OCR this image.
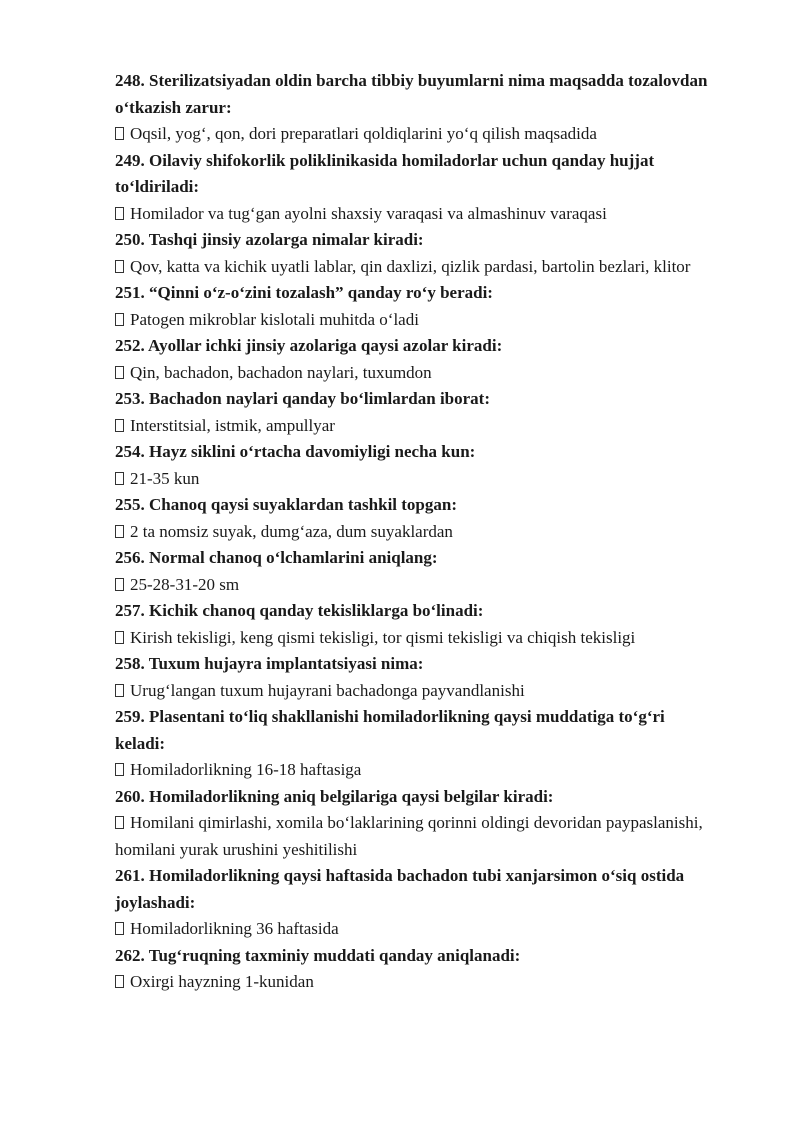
248. Sterilizatsiyadan oldin barcha tibbiy buyumlarni nima maqsadda tozalovdan o‘tkazish zarur:

Oqsil, yog‘, qon, dori preparatlari qoldiqlarini yo‘q qilish maqsadida

249. Oilaviy shifokorlik poliklinikasida homiladorlar uchun qanday hujjat to‘ldiriladi:

Homilador va tug‘gan ayolni shaxsiy varaqasi va almashinuv varaqasi

250. Tashqi jinsiy azolarga nimalar kiradi:

Qov, katta va kichik uyatli lablar, qin daxlizi, qizlik pardasi, bartolin bezlari, klitor

251. “Qinni o‘z-o‘zini tozalash” qanday ro‘y beradi:

Patogen mikroblar kislotali muhitda o‘ladi

252. Ayollar ichki jinsiy azolariga qaysi azolar kiradi:

Qin, bachadon, bachadon naylari, tuxumdon

253. Bachadon naylari qanday bo‘limlardan iborat:

Interstitsial, istmik, ampullyar

254. Hayz siklini o‘rtacha davomiyligi necha kun:

21-35 kun

255. Chanoq qaysi suyaklardan tashkil topgan:

2 ta nomsiz suyak, dumg‘aza, dum suyaklardan

256. Normal chanoq o‘lchamlarini aniqlang:

25-28-31-20 sm

257. Kichik chanoq qanday tekisliklarga bo‘linadi:

Kirish tekisligi, keng qismi tekisligi, tor qismi tekisligi va chiqish tekisligi

258. Tuxum hujayra implantatsiyasi nima:

Urug‘langan tuxum hujayrani bachadonga payvandlanishi

259. Plasentani to‘liq shakllanishi homiladorlikning qaysi muddatiga to‘g‘ri keladi:

Homiladorlikning 16-18 haftasiga

260. Homiladorlikning aniq belgilariga qaysi belgilar kiradi:

Homilani qimirlashi, xomila bo‘laklarining qorinni oldingi devoridan paypaslanishi, homilani yurak urushini yeshitilishi

261. Homiladorlikning qaysi haftasida bachadon tubi xanjarsimon o‘siq ostida joylashadi:

Homiladorlikning 36 haftasida

262. Tug‘ruqning taxminiy muddati qanday aniqlanadi:

Oxirgi hayzning 1-kunidan
